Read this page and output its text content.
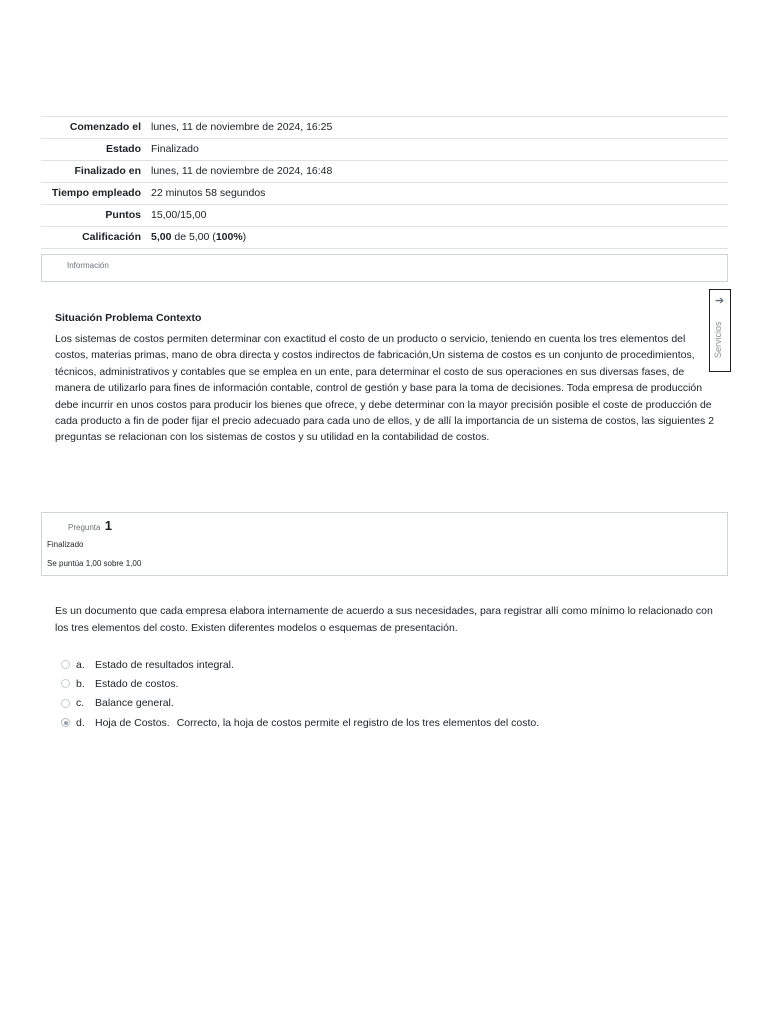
Comenzado el	lunes, 11 de noviembre de 2024, 16:25
Estado	Finalizado
Finalizado en	lunes, 11 de noviembre de 2024, 16:48
Tiempo empleado	22 minutos 58 segundos
Puntos	15,00/15,00
Calificación	5,00 de 5,00 (100%)
Información
Situación Problema Contexto

Los sistemas de costos permiten determinar con exactitud el costo de un producto o servicio, teniendo en cuenta los tres elementos del costos, materias primas, mano de obra directa y costos indirectos de fabricación,Un sistema de costos es un conjunto de procedimientos, técnicos, administrativos y contables que se emplea en un ente, para determinar el costo de sus operaciones en sus diversas fases, de manera de utilizarlo para fines de información contable, control de gestión y base para la toma de decisiones. Toda empresa de producción debe incurrir en unos costos para producir los bienes que ofrece, y debe determinar con la mayor precisión posible el coste de producción de cada producto a fin de poder fijar el precio adecuado para cada uno de ellos, y de allí la importancia de un sistema de costos, las siguientes 2 preguntas se relacionan con los sistemas de costos y su utilidad en la contabilidad de costos.

➔
Servicios
Pregunta 1
Finalizado
Se puntúa 1,00 sobre 1,00
Es un documento que cada empresa elabora internamente de acuerdo a sus necesidades, para registrar allí como mínimo lo relacionado con los tres elementos del costo. Existen diferentes modelos o esquemas de presentación.
a. Estado de resultados integral.
b. Estado de costos.
c.	Balance general.
d. Hoja de Costos. Correcto, la hoja de costos permite el registro de los tres elementos del costo.
